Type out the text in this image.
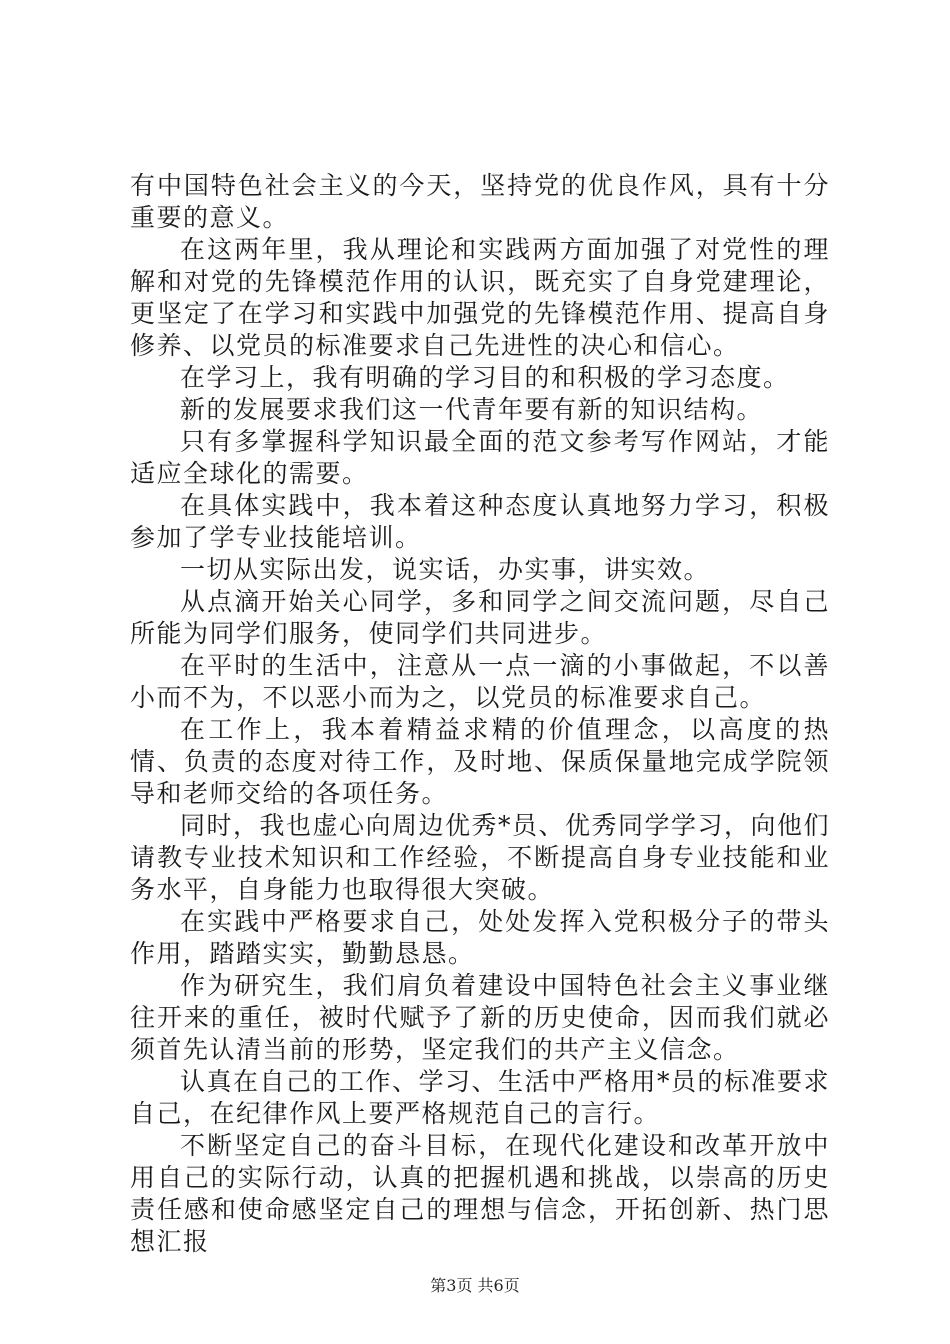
有中国特色社会主义的今天，坚持党的优良作风，具有十分重要的意义。

在这两年里，我从理论和实践两方面加强了对党性的理解和对党的先锋模范作用的认识，既充实了自身党建理论，更坚定了在学习和实践中加强党的先锋模范作用、提高自身修养、以党员的标准要求自己先进性的决心和信心。

在学习上，我有明确的学习目的和积极的学习态度。

新的发展要求我们这一代青年要有新的知识结构。

只有多掌握科学知识最全面的范文参考写作网站，才能适应全球化的需要。

在具体实践中，我本着这种态度认真地努力学习，积极参加了学专业技能培训。

一切从实际出发，说实话，办实事，讲实效。

从点滴开始关心同学，多和同学之间交流问题，尽自己所能为同学们服务，使同学们共同进步。

在平时的生活中，注意从一点一滴的小事做起，不以善小而不为，不以恶小而为之，以党员的标准要求自己。

在工作上，我本着精益求精的价值理念，以高度的热情、负责的态度对待工作，及时地、保质保量地完成学院领导和老师交给的各项任务。

同时，我也虚心向周边优秀*员、优秀同学学习，向他们请教专业技术知识和工作经验，不断提高自身专业技能和业务水平，自身能力也取得很大突破。

在实践中严格要求自己，处处发挥入党积极分子的带头作用，踏踏实实，勤勤恳恳。

作为研究生，我们肩负着建设中国特色社会主义事业继往开来的重任，被时代赋予了新的历史使命，因而我们就必须首先认清当前的形势，坚定我们的共产主义信念。

认真在自己的工作、学习、生活中严格用*员的标准要求自己，在纪律作风上要严格规范自己的言行。

不断坚定自己的奋斗目标，在现代化建设和改革开放中用自己的实际行动，认真的把握机遇和挑战，以崇高的历史责任感和使命感坚定自己的理想与信念，开拓创新、热门思想汇报

第3页 共6页
